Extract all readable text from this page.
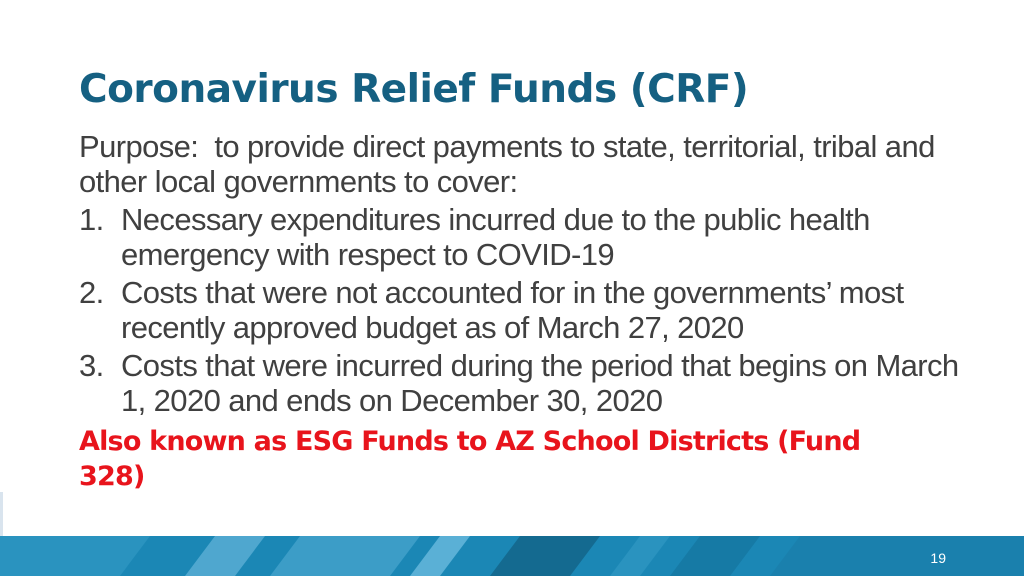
Coronavirus Relief Funds (CRF)

Purpose:  to provide direct payments to state, territorial, tribal and other local governments to cover:

1. Necessary expenditures incurred due to the public health emergency with respect to COVID-19
2. Costs that were not accounted for in the governments’ most recently approved budget as of March 27, 2020
3. Costs that were incurred during the period that begins on March 1, 2020 and ends on December 30, 2020

Also known as ESG Funds to AZ School Districts (Fund 328)

19
